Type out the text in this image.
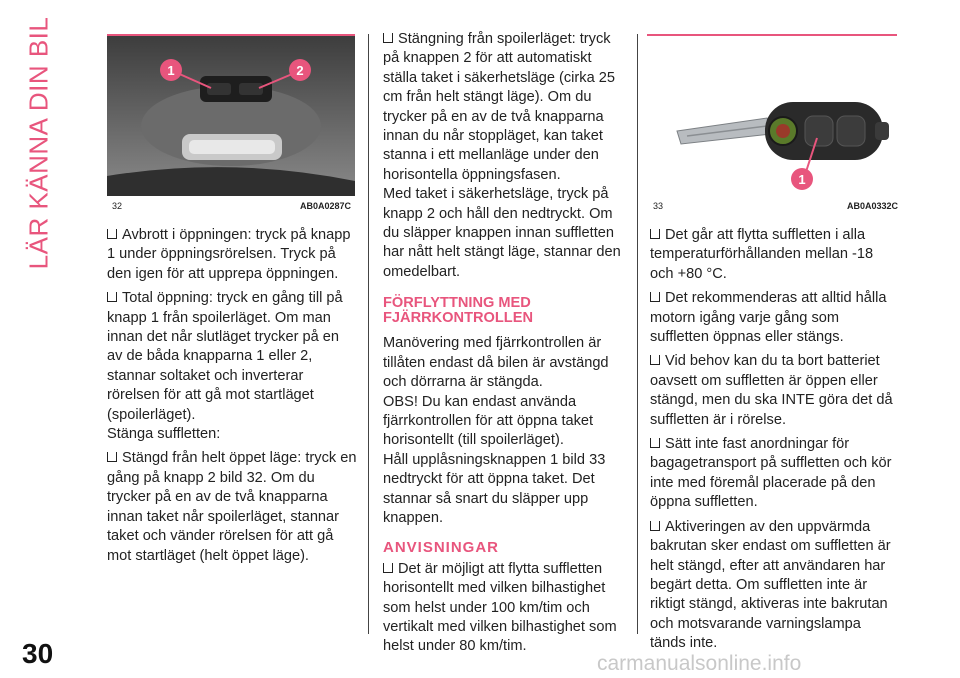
LÄR KÄNNA DIN BIL	1	2
32	AB0A0287C
1
33	AB0A0332C

Avbrott i öppningen: tryck på knapp 1 under öppningsrörelsen. Tryck på den igen för att upprepa öppningen.

Total öppning: tryck en gång till på knapp 1 från spoilerläget. Om man innan det når slutläget trycker på en av de båda knapparna 1 eller 2, stannar soltaket och inverterar rörelsen för att gå mot startläget (spoilerläget).

Stänga suffletten:

Stängd från helt öppet läge: tryck en gång på knapp 2 bild 32. Om du trycker på en av de två knapparna innan taket når spoilerläget, stannar taket och vänder rörelsen för att gå mot startläget (helt öppet läge).

Stängning från spoilerläget: tryck på knappen 2 för att automatiskt ställa taket i säkerhetsläge (cirka 25 cm från helt stängt läge). Om du trycker på en av de två knapparna innan du når stoppläget, kan taket stanna i ett mellanläge under den horisontella öppningsfasen.

Med taket i säkerhetsläge, tryck på knapp 2 och håll den nedtryckt. Om du släpper knappen innan suffletten har nått helt stängt läge, stannar den omedelbart.

FÖRFLYTTNING MED FJÄRRKONTROLLEN

Manövering med fjärrkontrollen är tillåten endast då bilen är avstängd och dörrarna är stängda.

OBS! Du kan endast använda fjärrkontrollen för att öppna taket horisontellt (till spoilerläget).

Håll upplåsningsknappen 1 bild 33 nedtryckt för att öppna taket. Det stannar så snart du släpper upp knappen.

ANVISNINGAR

Det är möjligt att flytta suffletten horisontellt med vilken bilhastighet som helst under 100 km/tim och vertikalt med vilken bilhastighet som helst under 80 km/tim.

Det går att flytta suffletten i alla temperaturförhållanden mellan -18 och +80 °C.

Det rekommenderas att alltid hålla motorn igång varje gång som suffletten öppnas eller stängs.

Vid behov kan du ta bort batteriet oavsett om suffletten är öppen eller stängd, men du ska INTE göra det då suffletten är i rörelse.

Sätt inte fast anordningar för bagagetransport på suffletten och kör inte med föremål placerade på den öppna suffletten.

Aktiveringen av den uppvärmda bakrutan sker endast om suffletten är helt stängd, efter att användaren har begärt detta. Om suffletten inte är riktigt stängd, aktiveras inte bakrutan och motsvarande varningslampa tänds inte.

30	carmanualsonline.info
